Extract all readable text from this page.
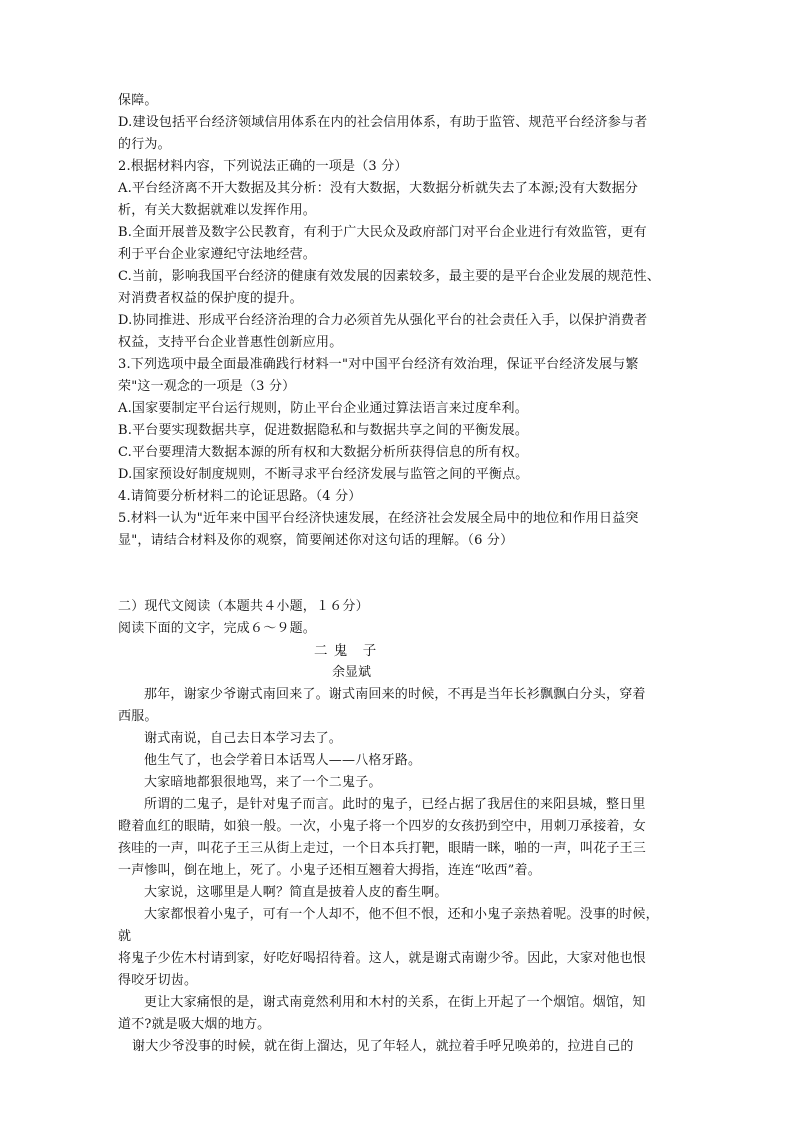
保障。
D.建设包括平台经济领域信用体系在内的社会信用体系，有助于监管、规范平台经济参与者
的行为。
2.根据材料内容，下列说法正确的一项是（3 分）
A.平台经济离不开大数据及其分析：没有大数据，大数据分析就失去了本源;没有大数据分
析，有关大数据就难以发挥作用。
B.全面开展普及数字公民教育，有利于广大民众及政府部门对平台企业进行有效监管，更有
利于平台企业家遵纪守法地经营。
C.当前，影响我国平台经济的健康有效发展的因素较多，最主要的是平台企业发展的规范性、
对消费者权益的保护度的提升。
D.协同推进、形成平台经济治理的合力必须首先从强化平台的社会责任入手，以保护消费者
权益，支持平台企业普惠性创新应用。
3.下列选项中最全面最准确践行材料一"对中国平台经济有效治理，保证平台经济发展与繁
荣"这一观念的一项是（3 分）
A.国家要制定平台运行规则，防止平台企业通过算法语言来过度牟利。
B.平台要实现数据共享，促进数据隐私和与数据共享之间的平衡发展。
C.平台要理清大数据本源的所有权和大数据分析所获得信息的所有权。
D.国家预设好制度规则，不断寻求平台经济发展与监管之间的平衡点。
4.请简要分析材料二的论证思路。（4 分）
5.材料一认为"近年来中国平台经济快速发展，在经济社会发展全局中的地位和作用日益突
显"，请结合材料及你的观察，简要阐述你对这句话的理解。（6 分）
二）现代文阅读（本题共４小题，１６分）
阅读下面的文字，完成６～９题。
二 鬼　子
余显斌
那年，谢家少爷谢式南回来了。谢式南回来的时候，不再是当年长衫飘飘白分头，穿着
西服。
谢式南说，自己去日本学习去了。
他生气了，也会学着日本话骂人——八格牙路。
大家暗地都狠很地骂，来了一个二鬼子。
所谓的二鬼子，是针对鬼子而言。此时的鬼子，已经占据了我居住的来阳县城，整日里
瞪着血红的眼睛，如狼一般。一次，小鬼子将一个四岁的女孩扔到空中，用刺刀承接着，女
孩哇的一声，叫花子王三从街上走过，一个日本兵打靶，眼睛一眯，啪的一声，叫花子王三
一声惨叫，倒在地上，死了。小鬼子还相互翘着大拇指，连连“吆西”着。
大家说，这哪里是人啊？简直是披着人皮的畜生啊。
大家都恨着小鬼子，可有一个人却不，他不但不恨，还和小鬼子亲热着呢。没事的时候，
就
将鬼子少佐木村请到家，好吃好喝招待着。这人，就是谢式南谢少爷。因此，大家对他也恨
得咬牙切齿。
更让大家痛恨的是，谢式南竟然利用和木村的关系，在街上开起了一个烟馆。烟馆，知
道不?就是吸大烟的地方。
谢大少爷没事的时候，就在街上溜达，见了年轻人，就拉着手呼兄唤弟的，拉进自己的
